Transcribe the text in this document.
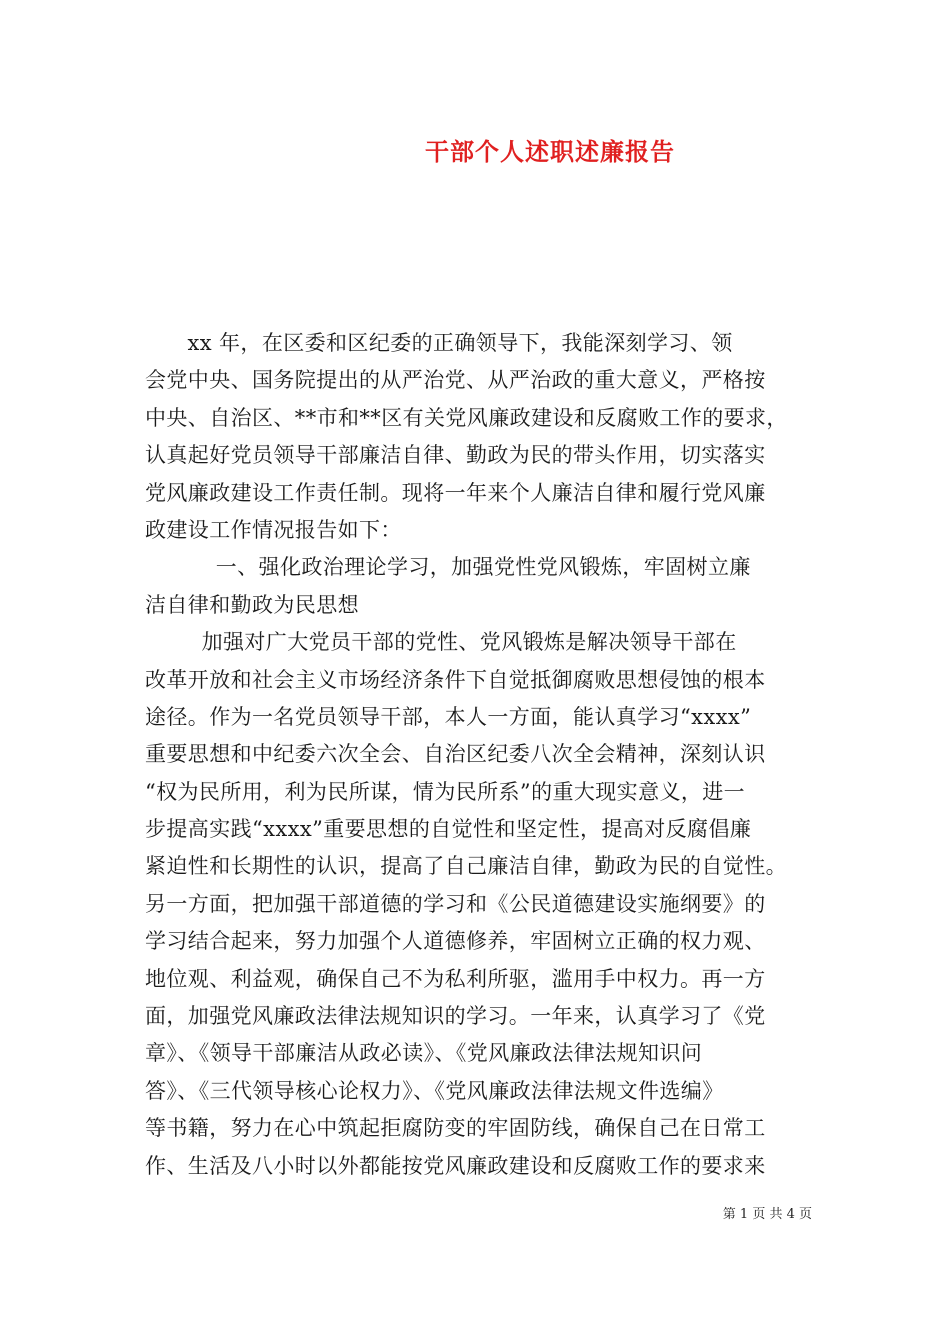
干部个人述职述廉报告
xx 年，在区委和区纪委的正确领导下，我能深刻学习、领
会党中央、国务院提出的从严治党、从严治政的重大意义，严格按
中央、自治区、**市和**区有关党风廉政建设和反腐败工作的要求，
认真起好党员领导干部廉洁自律、勤政为民的带头作用，切实落实
党风廉政建设工作责任制。现将一年来个人廉洁自律和履行党风廉
政建设工作情况报告如下：
一、强化政治理论学习，加强党性党风锻炼，牢固树立廉
洁自律和勤政为民思想
加强对广大党员干部的党性、党风锻炼是解决领导干部在
改革开放和社会主义市场经济条件下自觉抵御腐败思想侵蚀的根本
途径。作为一名党员领导干部，本人一方面，能认真学习“xxxx”
重要思想和中纪委六次全会、自治区纪委八次全会精神，深刻认识
“权为民所用，利为民所谋，情为民所系”的重大现实意义，进一
步提高实践“xxxx”重要思想的自觉性和坚定性，提高对反腐倡廉
紧迫性和长期性的认识，提高了自己廉洁自律，勤政为民的自觉性。
另一方面，把加强干部道德的学习和《公民道德建设实施纲要》的
学习结合起来，努力加强个人道德修养，牢固树立正确的权力观、
地位观、利益观，确保自己不为私利所驱，滥用手中权力。再一方
面，加强党风廉政法律法规知识的学习。一年来，认真学习了《党
章》、《领导干部廉洁从政必读》、《党风廉政法律法规知识问
答》、《三代领导核心论权力》、《党风廉政法律法规文件选编》
等书籍，努力在心中筑起拒腐防变的牢固防线，确保自己在日常工
作、生活及八小时以外都能按党风廉政建设和反腐败工作的要求来
第 1 页 共 4 页
